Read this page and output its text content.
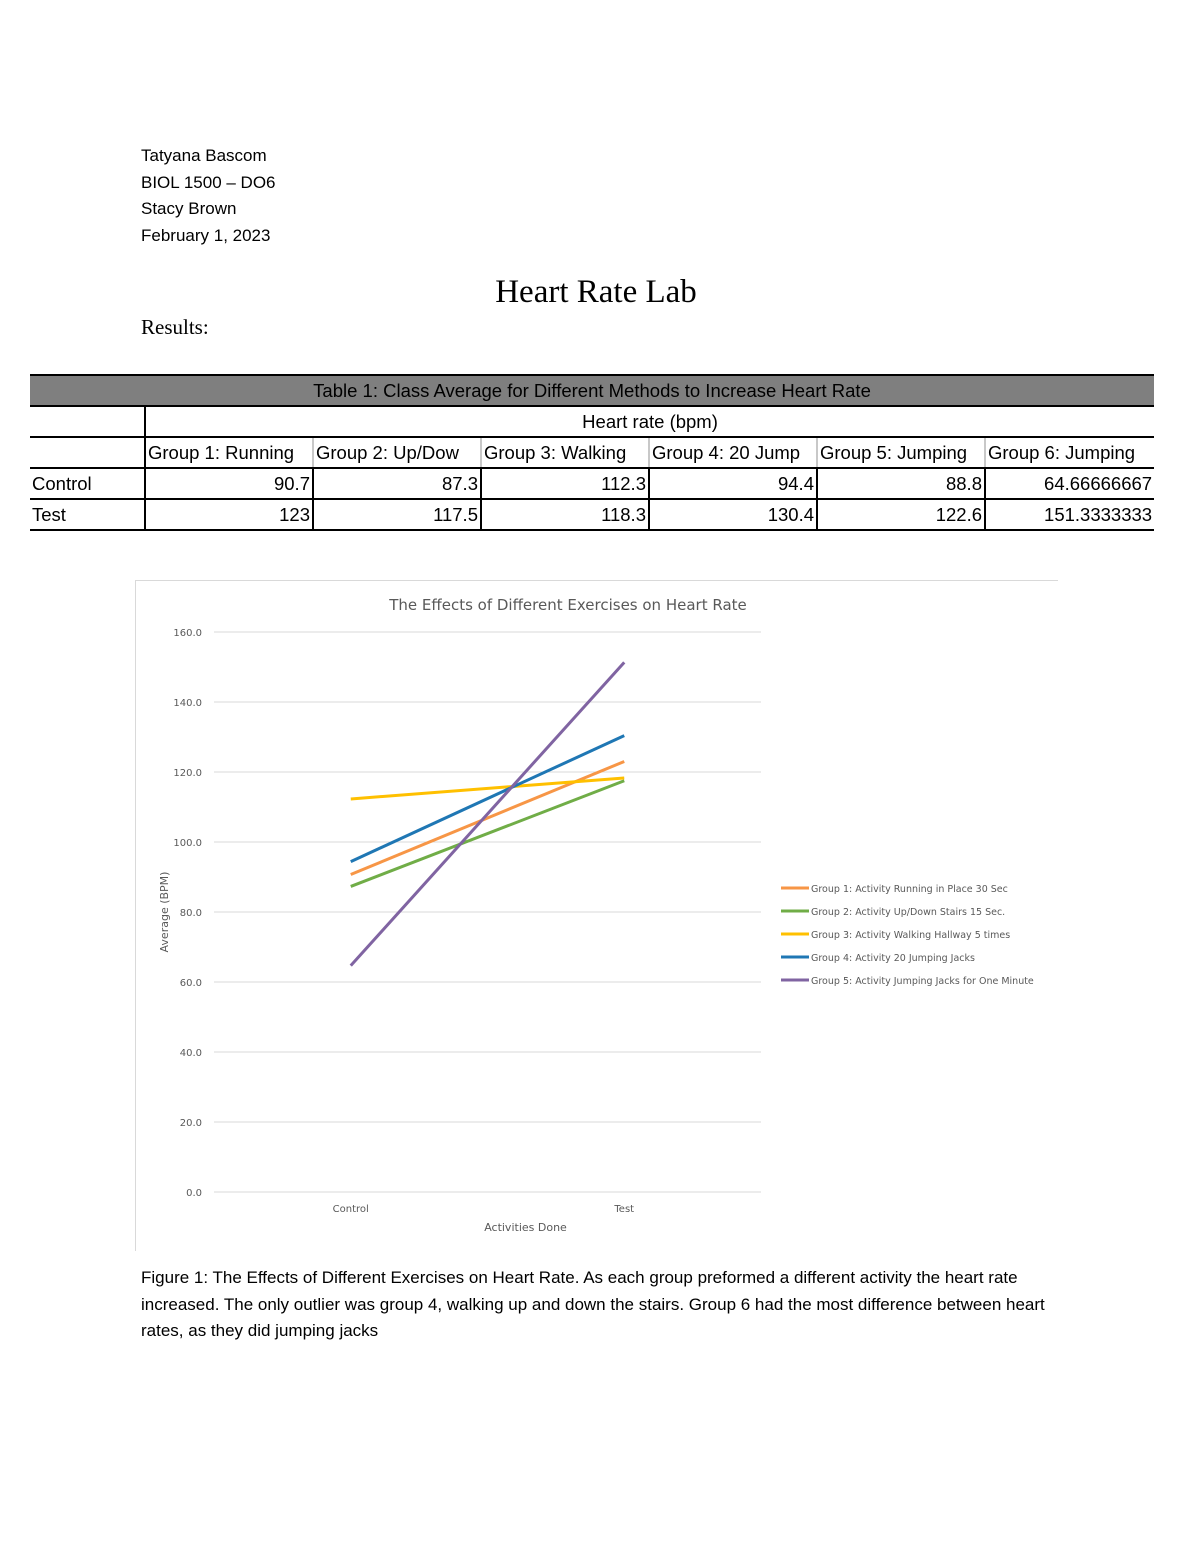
Tatyana Bascom
BIOL 1500 – DO6
Stacy Brown
February 1, 2023
Heart Rate Lab
Results:
Table 1: Class Average for Different Methods to Increase Heart Rate						
	Heart rate (bpm)					
	Group 1: Running	Group 2: Up/Dow	Group 3: Walking	Group 4: 20 Jump	Group 5: Jumping	Group 6: Jumping
Control	90.7	87.3	112.3	94.4	88.8	64.66666667
Test	123	117.5	118.3	130.4	122.6	151.3333333
The Effects of Different Exercises on Heart Rate
0.0
20.0
40.0
60.0
80.0
100.0
120.0
140.0
160.0
Control	Test
Activities Done
Average (BPM)	Group 1: Activity Running in Place 30 Sec
Group 2: Activity Up/Down Stairs 15 Sec.
Group 3: Activity Walking Hallway 5 times
Group 4: Activity 20 Jumping Jacks
Group 5: Activity Jumping Jacks for One Minute
Figure 1: The Effects of Different Exercises on Heart Rate. As each group preformed a different activity the heart rate increased. The only outlier was group 4, walking up and down the stairs. Group 6 had the most difference between heart rates, as they did jumping jacks
